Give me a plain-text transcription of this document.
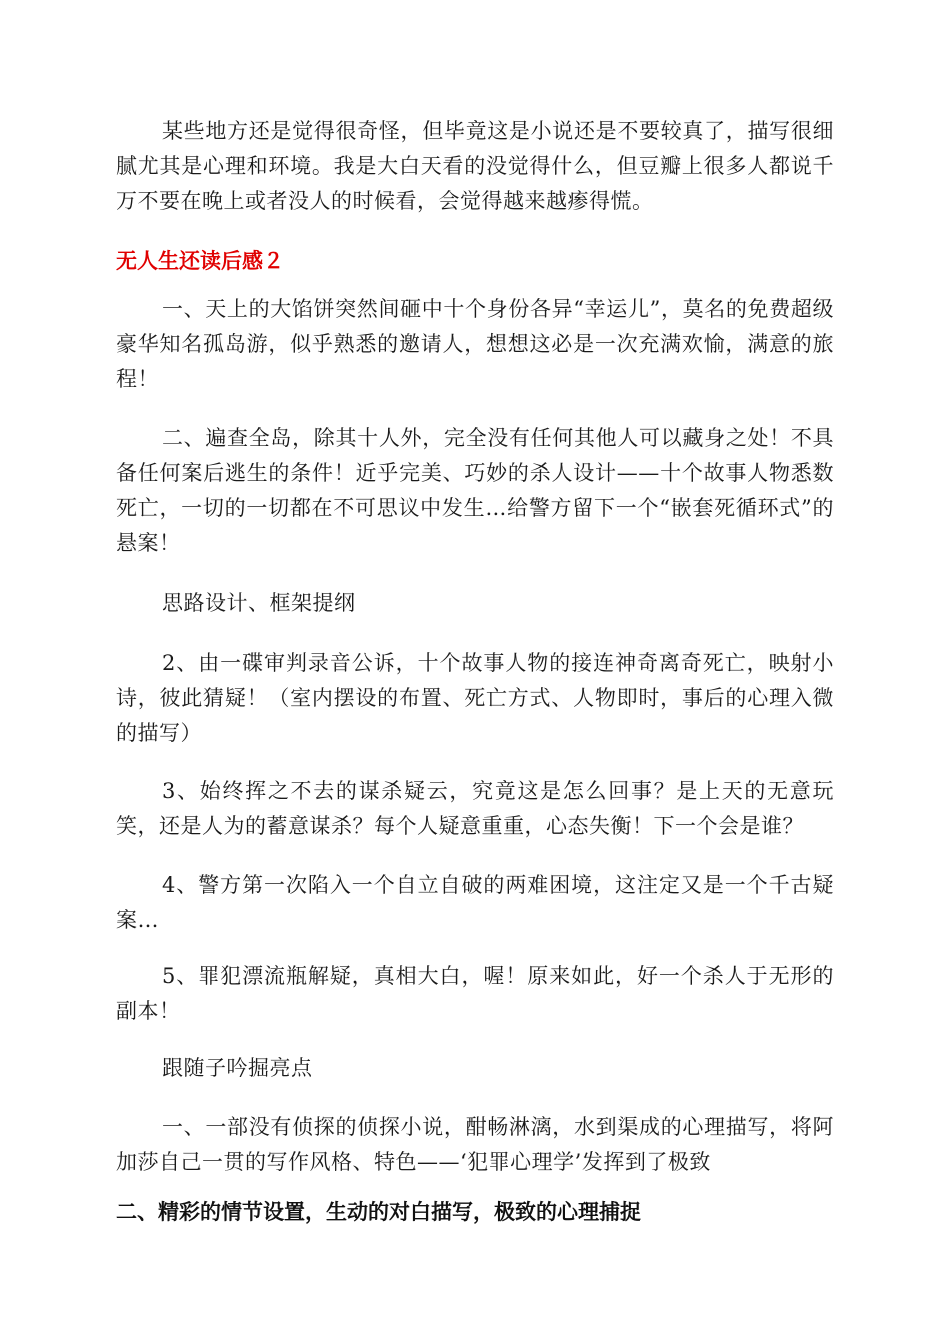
某些地方还是觉得很奇怪，但毕竟这是小说还是不要较真了，描写很细腻尤其是心理和环境。我是大白天看的没觉得什么，但豆瓣上很多人都说千万不要在晚上或者没人的时候看，会觉得越来越瘆得慌。

无人生还读后感２

一、天上的大馅饼突然间砸中十个身份各异“幸运儿”，莫名的免费超级豪华知名孤岛游，似乎熟悉的邀请人，想想这必是一次充满欢愉，满意的旅程！

二、遍查全岛，除其十人外，完全没有任何其他人可以藏身之处！不具备任何案后逃生的条件！近乎完美、巧妙的杀人设计——十个故事人物悉数死亡，一切的一切都在不可思议中发生…给警方留下一个“嵌套死循环式”的悬案！

思路设计、框架提纲

2、由一碟审判录音公诉，十个故事人物的接连神奇离奇死亡，映射小诗，彼此猜疑！（室内摆设的布置、死亡方式、人物即时，事后的心理入微的描写）

3、始终挥之不去的谋杀疑云，究竟这是怎么回事？是上天的无意玩笑，还是人为的蓄意谋杀？每个人疑意重重，心态失衡！下一个会是谁？

4、警方第一次陷入一个自立自破的两难困境，这注定又是一个千古疑案…

5、罪犯漂流瓶解疑，真相大白，喔！原来如此，好一个杀人于无形的副本！

跟随子吟掘亮点

一、一部没有侦探的侦探小说，酣畅淋漓，水到渠成的心理描写，将阿加莎自己一贯的写作风格、特色——‘犯罪心理学’发挥到了极致

二、精彩的情节设置，生动的对白描写，极致的心理捕捉
